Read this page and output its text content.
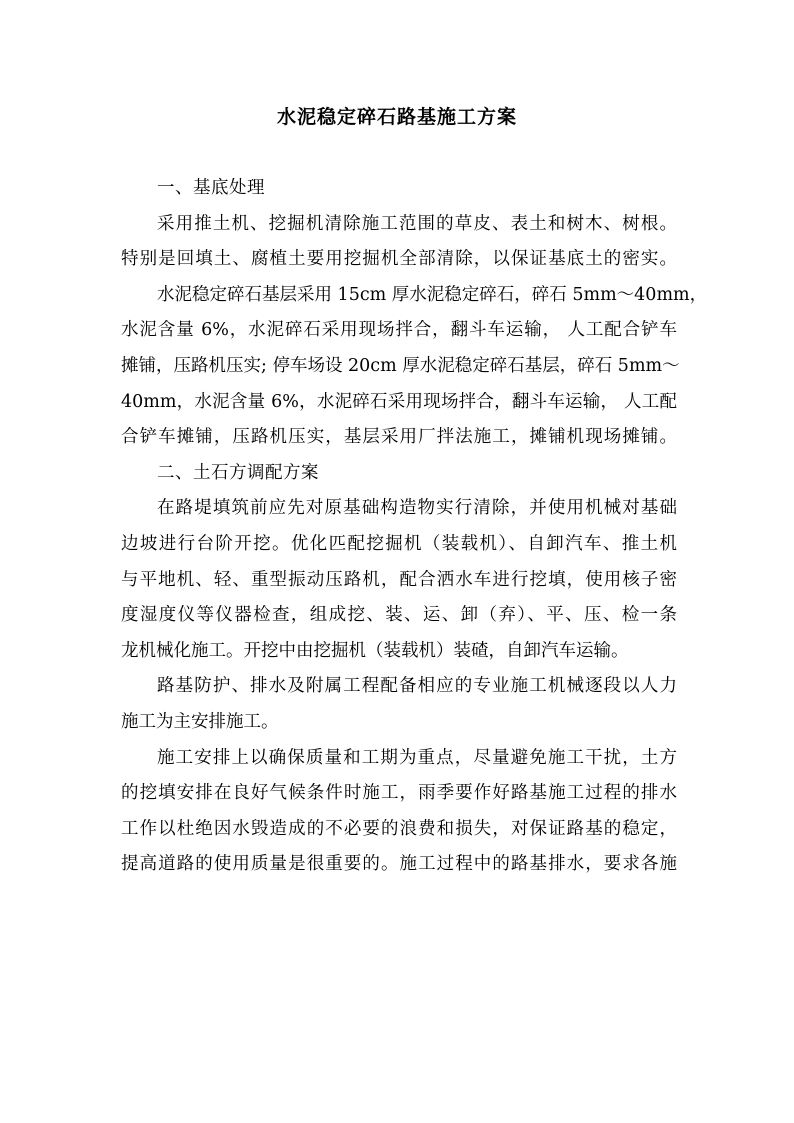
水泥稳定碎石路基施工方案
一、基底处理
采用推土机、挖掘机清除施工范围的草皮、表土和树木、树根。
特别是回填土、腐植土要用挖掘机全部清除，以保证基底土的密实。
水泥稳定碎石基层采用 15cm 厚水泥稳定碎石，碎石 5mm～40mm，
水泥含量 6%，水泥碎石采用现场拌合，翻斗车运输， 人工配合铲车
摊铺，压路机压实; 停车场设 20cm 厚水泥稳定碎石基层，碎石 5mm～
40mm，水泥含量 6%，水泥碎石采用现场拌合，翻斗车运输， 人工配
合铲车摊铺，压路机压实，基层采用厂拌法施工，摊铺机现场摊铺。
二、土石方调配方案
在路堤填筑前应先对原基础构造物实行清除，并使用机械对基础
边坡进行台阶开挖。优化匹配挖掘机（装载机）、自卸汽车、推土机
与平地机、轻、重型振动压路机，配合洒水车进行挖填，使用核子密
度湿度仪等仪器检查，组成挖、装、运、卸（弃）、平、压、检一条
龙机械化施工。开挖中由挖掘机（装载机）装碴，自卸汽车运输。
路基防护、排水及附属工程配备相应的专业施工机械逐段以人力
施工为主安排施工。
施工安排上以确保质量和工期为重点，尽量避免施工干扰，土方
的挖填安排在良好气候条件时施工，雨季要作好路基施工过程的排水
工作以杜绝因水毁造成的不必要的浪费和损失，对保证路基的稳定，
提高道路的使用质量是很重要的。施工过程中的路基排水，要求各施
